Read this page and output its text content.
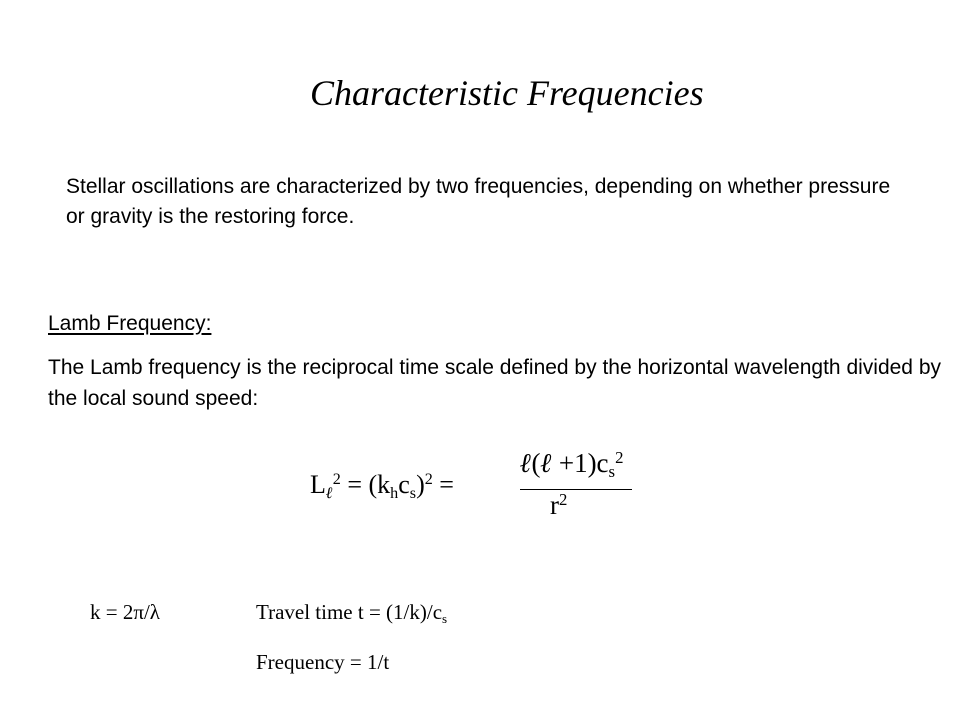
Characteristic Frequencies
Stellar oscillations are characterized by two frequencies, depending on whether pressure or gravity is the restoring force.
Lamb Frequency:
The Lamb frequency is the reciprocal time scale defined by the horizontal wavelength divided by the local sound speed:
$L_\ell^2 = (k_hc_s)^2$ =
ℓ(ℓ $+1)c_s^2$
$r^2$
k = 2π/λ	Travel time $t = (1/k)/c_s$
Frequency = 1/t
